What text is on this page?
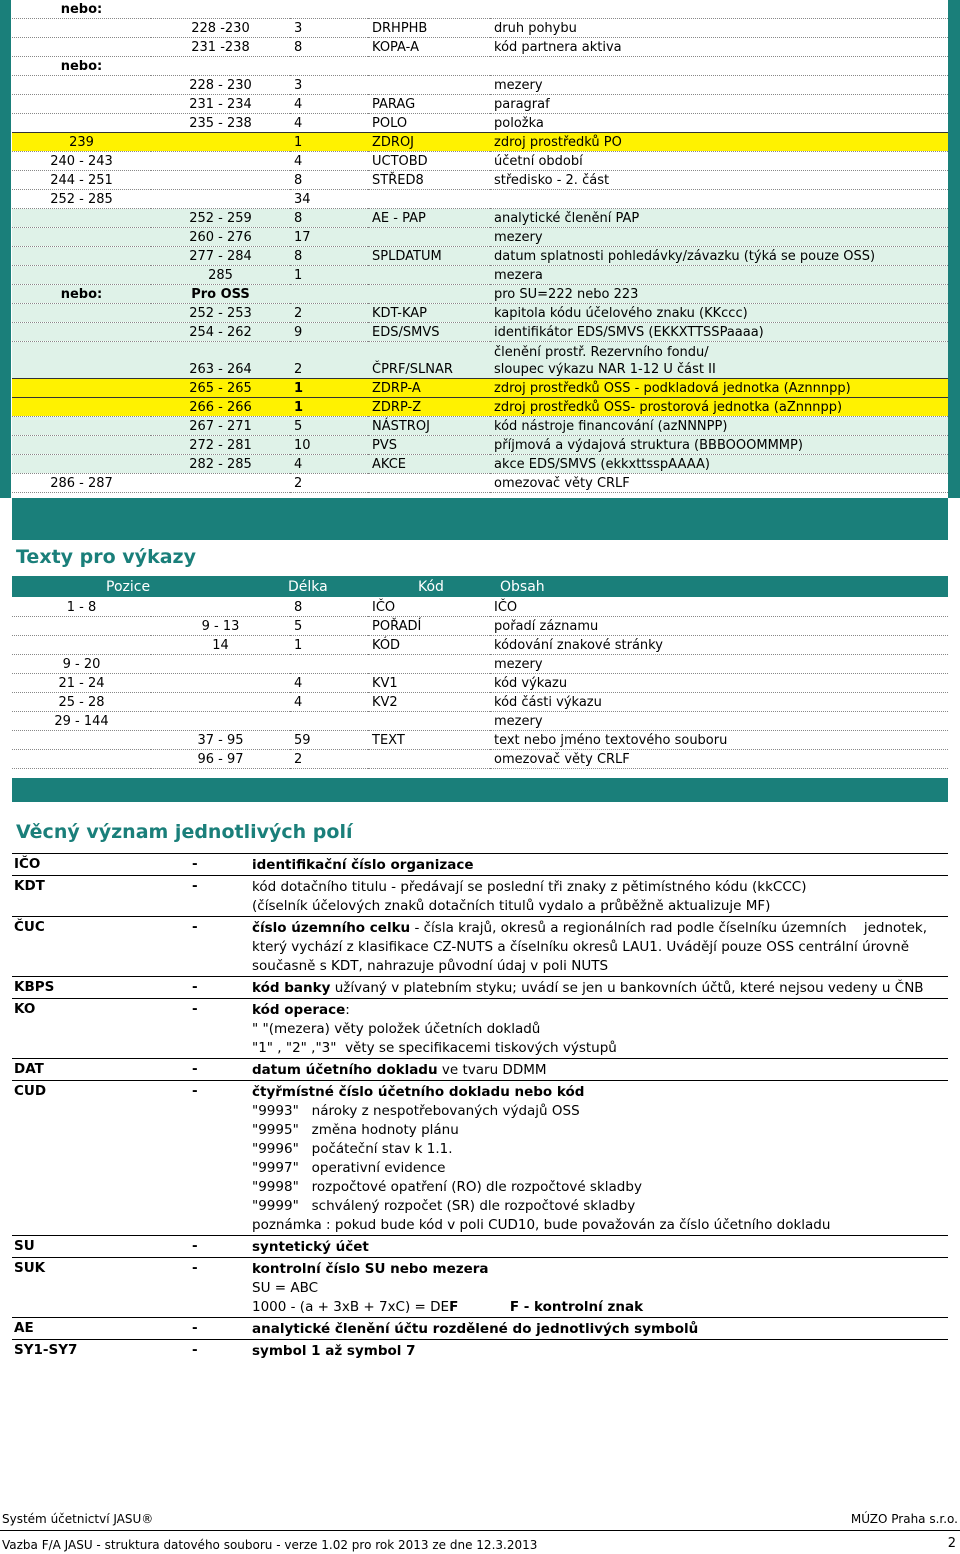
nebo:				
	228 -230	3	DRHPHB	druh pohybu
	231 -238	8	KOPA-A	kód partnera aktiva
nebo:				
	228 - 230	3		mezery
	231 - 234	4	PARAG	paragraf
	235 - 238	4	POLO	položka
239		1	ZDROJ	zdroj prostředků PO
240 - 243		4	UCTOBD	účetní období
244 - 251		8	STŘED8	středisko - 2. část
252 - 285		34		
	252 - 259	8	AE - PAP	analytické členění PAP
	260 - 276	17		mezery
	277 - 284	8	SPLDATUM	datum splatnosti pohledávky/závazku (týká se pouze OSS)
	285	1		mezera
nebo:	Pro OSS			pro SU=222 nebo 223
	252 - 253	2	KDT-KAP	kapitola kódu účelového znaku (KKccc)
	254 - 262	9	EDS/SMVS	identifikátor EDS/SMVS (EKKXTTSSPaaaa)
	263 - 264	2	ČPRF/SLNAR	členění prostř. Rezervního fondu/
sloupec výkazu NAR 1-12 U část II

	265 - 265	1	ZDRP-A	zdroj prostředků OSS - podkladová jednotka (Aznnnpp)
	266 - 266	1	ZDRP-Z	zdroj prostředků OSS- prostorová jednotka (aZnnnpp)
	267 - 271	5	NÁSTROJ	kód nástroje financování (azNNNPP)
	272 - 281	10	PVS	příjmová a výdajová struktura (BBBOOOMMMP)
	282 - 285	4	AKCE	akce EDS/SMVS (ekkxttsspAAAA)
286 - 287		2		omezovač věty CRLF
Texty pro výkazy
Pozice	Délka	Kód	Obsah
1 - 8		8	IČO	IČO
	9 - 13	5	POŘADÍ	pořadí záznamu
	14	1	KÓD	kódování znakové stránky
9 - 20				mezery
21 - 24		4	KV1	kód výkazu
25 - 28		4	KV2	kód části výkazu
29 - 144				mezery
	37 - 95	59	TEXT	text nebo jméno textového souboru
	96 - 97	2		omezovač věty CRLF
Věcný význam jednotlivých polí
IČO	-	identifikační číslo organizace
KDT	-	kód dotačního titulu - předávají se poslední tři znaky z pětimístného kódu (kkCCC)
(číselník účelových znaků dotačních titulů vydalo a průběžně aktualizuje MF)
ČUC	-	číslo územního celku - čísla krajů, okresů a regionálních rad podle číselníku územních    jednotek,
který vychází z klasifikace CZ-NUTS a číselníku okresů LAU1. Uvádějí pouze OSS centrální úrovně
současně s KDT, nahrazuje původní údaj v poli NUTS
KBPS	-	kód banky užívaný v platebním styku; uvádí se jen u bankovních účtů, které nejsou vedeny u ČNB
KO	-	kód operace:
" "(mezera) věty položek účetních dokladů
"1" , "2" ,"3"  věty se specifikacemi tiskových výstupů
DAT	-	datum účetního dokladu ve tvaru DDMM
CUD	-	čtyřmístné číslo účetního dokladu nebo kód
"9993"   nároky z nespotřebovaných výdajů OSS
"9995"   změna hodnoty plánu
"9996"   počáteční stav k 1.1.
"9997"   operativní evidence
"9998"   rozpočtové opatření (RO) dle rozpočtové skladby
"9999"   schválený rozpočet (SR) dle rozpočtové skladby
poznámka : pokud bude kód v poli CUD10, bude považován za číslo účetního dokladu
SU	-	syntetický účet
SUK	-	kontrolní číslo SU nebo mezera
SU = ABC
1000 - (a + 3xB + 7xC) = DEF	F - kontrolní znak
AE	-	analytické členění účtu rozdělené do jednotlivých symbolů
SY1-SY7	-	symbol 1 až symbol 7
Systém účetnictví JASU®	MÚZO Praha s.r.o.
Vazba F/A JASU - struktura datového souboru - verze 1.02 pro rok 2013 ze dne 12.3.2013	2
